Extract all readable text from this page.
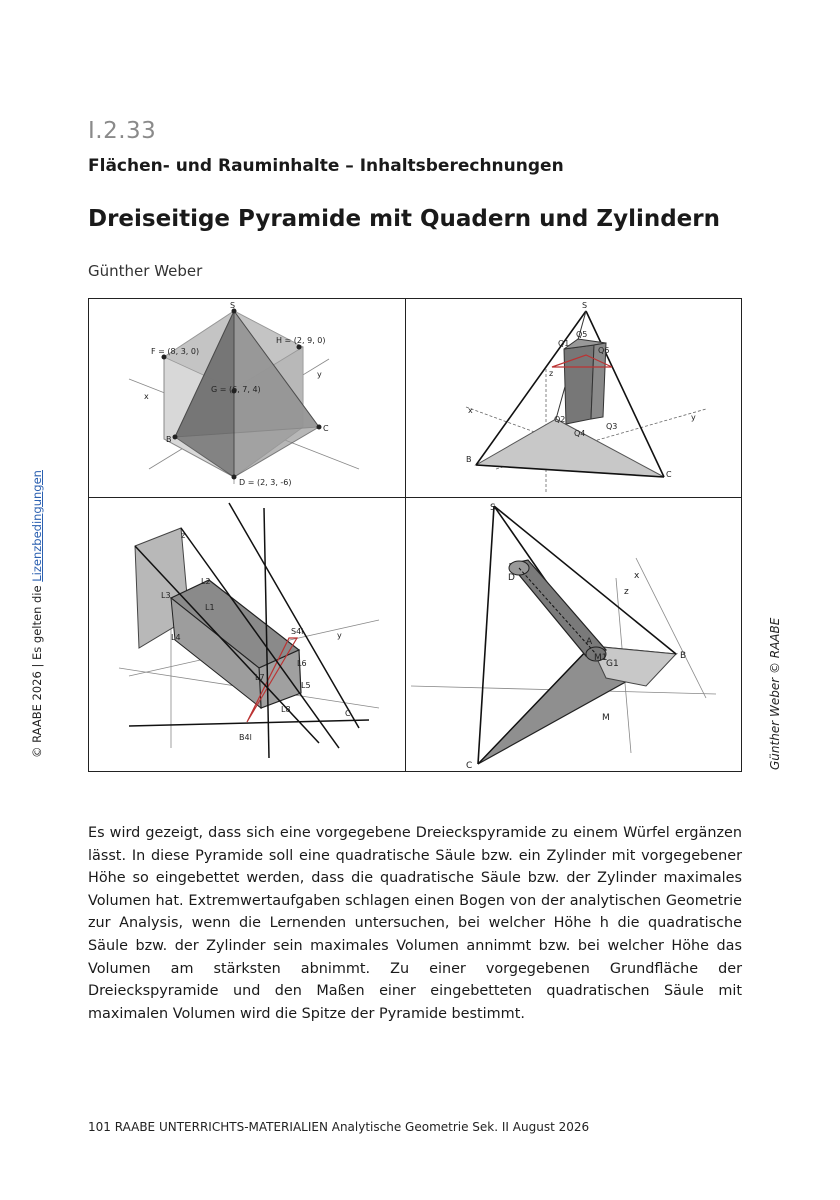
I.2.33
Flächen- und Rauminhalte – Inhaltsberechnungen
Dreiseitige Pyramide mit Quadern und Zylindern
Günther Weber
S
F = (8, 3, 0)
H = (2, 9, 0)
G = (6, 7, 4)
B
C
D = (2, 3, -6)
x
y
S
B
C
x
y
z
Q1
Q5
Q6
Q2
Q3
Q4
z
y
L1
L2
L3
L4
L5
L6
L7
L8
S4l
B4l
C
S
A
B
C
D
M
M1
G1
x
z
Es wird gezeigt, dass sich eine vorgegebene Dreieckspyramide zu einem Würfel ergänzen lässt. In diese Pyramide soll eine quadratische Säule bzw. ein Zylinder mit vorgegebener Höhe so eingebettet werden, dass die quadratische Säule bzw. der Zylinder maximales Volumen hat. Extremwertaufgaben schlagen einen Bogen von der analytischen Geometrie zur Analysis, wenn die Lernenden untersuchen, bei welcher Höhe h die quadratische Säule bzw. der Zylinder sein maximales Volumen annimmt bzw. bei welcher Höhe das Volumen am stärksten abnimmt. Zu einer vorgegebenen Grundfläche der Dreieckspyramide und den Maßen einer eingebetteten quadratischen Säule mit maximalen Volumen wird die Spitze der Pyramide bestimmt.
101 RAABE UNTERRICHTS-MATERIALIEN Analytische Geometrie Sek. II August 2026
© RAABE 2026 | Es gelten die Lizenzbedingungen
Günther Weber © RAABE
